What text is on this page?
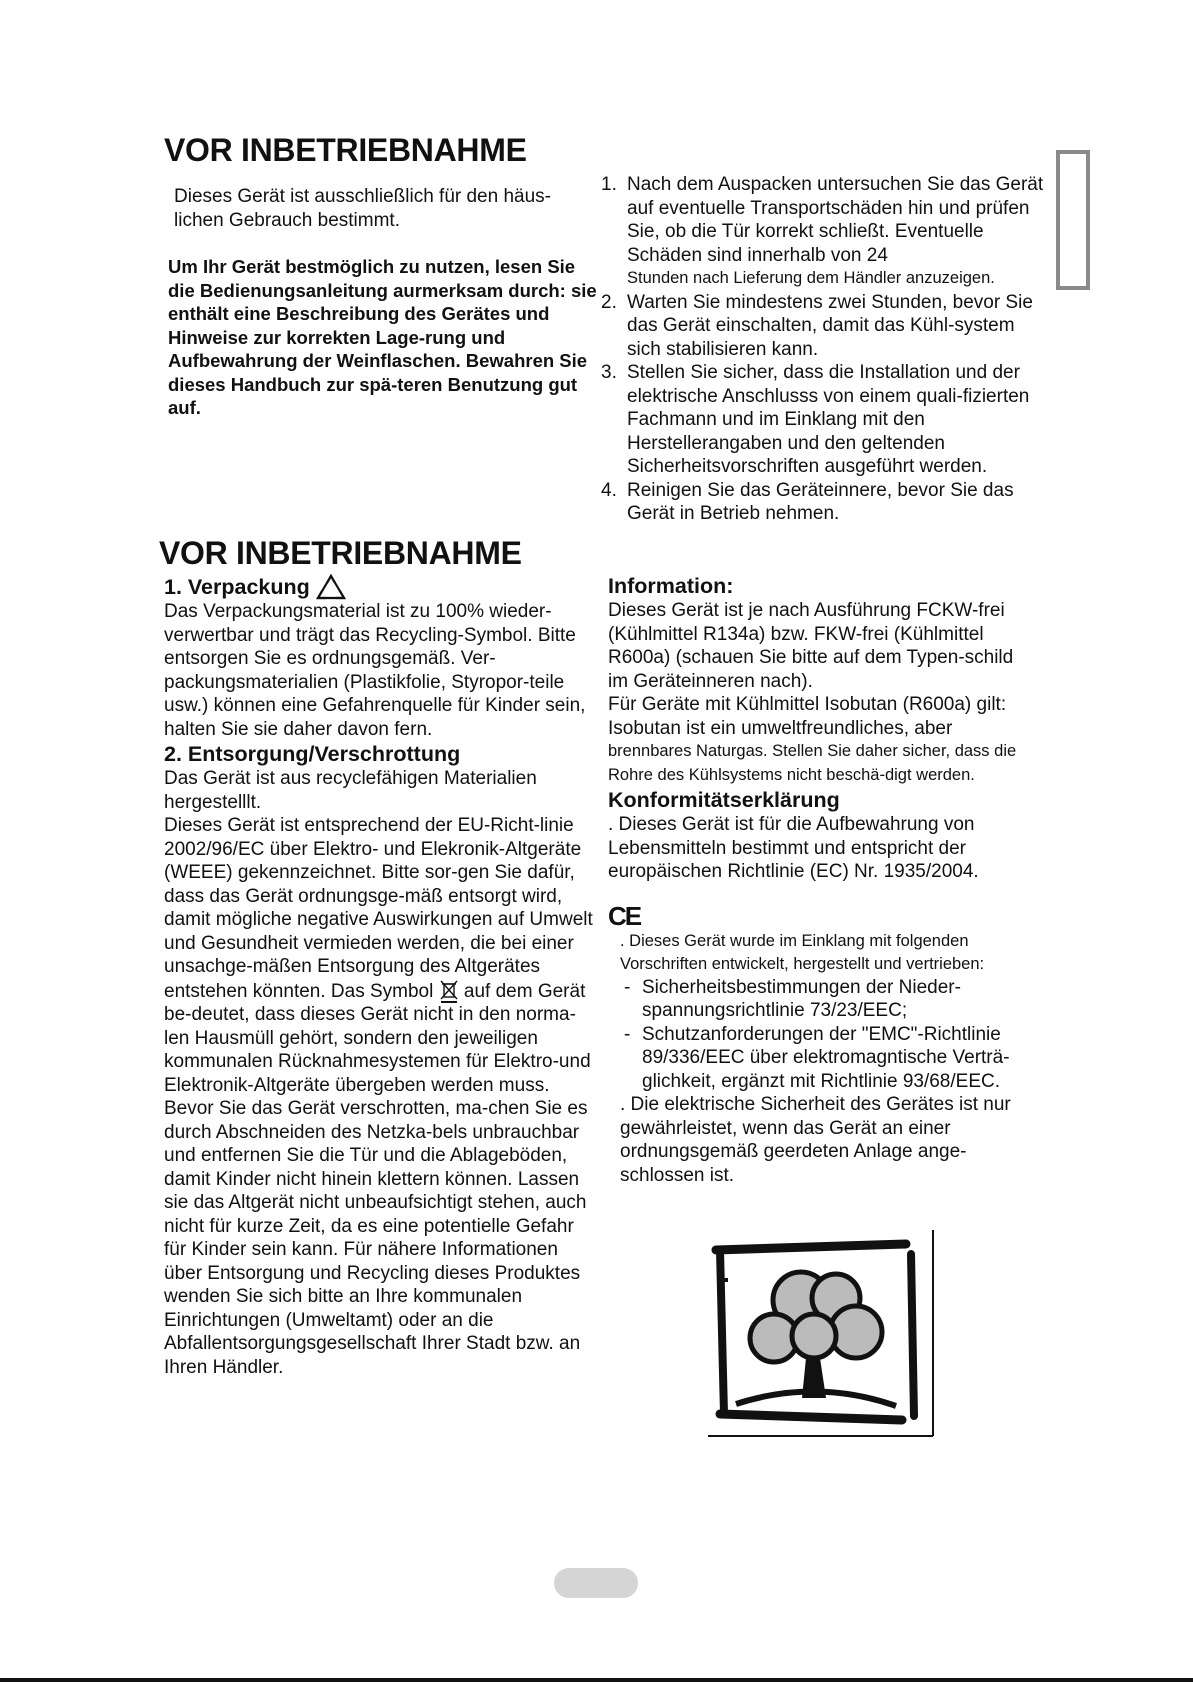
VOR INBETRIEBNAHME

Dieses Gerät ist ausschließlich für den häus-lichen Gebrauch bestimmt.

Um Ihr Gerät bestmöglich zu nutzen, lesen Sie die Bedienungsanleitung aurmerksam durch: sie enthält eine Beschreibung des Gerätes und Hinweise zur korrekten Lage-rung und Aufbewahrung der Weinflaschen. Bewahren Sie dieses Handbuch zur spä-teren Benutzung gut auf.

1. Nach dem Auspacken untersuchen Sie das Gerät auf eventuelle Transportschäden hin und prüfen Sie, ob die Tür korrekt schließt. Eventuelle Schäden sind innerhalb von 24
Stunden nach Lieferung dem Händler anzuzeigen.
2. Warten Sie mindestens zwei Stunden, bevor Sie das Gerät einschalten, damit das Kühl-system sich stabilisieren kann.
3. Stellen Sie sicher, dass die Installation und der elektrische Anschlusss von einem quali-fizierten Fachmann und im Einklang mit den Herstellerangaben und den geltenden Sicherheitsvorschriften ausgeführt werden.
4. Reinigen Sie das Geräteinnere, bevor Sie das Gerät in Betrieb nehmen.
VOR INBETRIEBNAHME
1. Verpackung

Das Verpackungsmaterial ist zu 100% wieder-verwertbar und trägt das Recycling-Symbol. Bitte entsorgen Sie es ordnungsgemäß. Ver-packungsmaterialien (Plastikfolie, Styropor-teile usw.) können eine Gefahrenquelle für Kinder sein, halten Sie sie daher davon fern.

2. Entsorgung/Verschrottung

Das Gerät ist aus recyclefähigen Materialien hergestelllt.

Dieses Gerät ist entsprechend der EU-Richt-linie 2002/96/EC über Elektro- und Elekronik-Altgeräte (WEEE) gekennzeichnet. Bitte sor-gen Sie dafür, dass das Gerät ordnungsge-mäß entsorgt wird, damit mögliche negative Auswirkungen auf Umwelt und Gesundheit vermieden werden, die bei einer unsachge-mäßen Entsorgung des Altgerätes entstehen könnten. Das Symbol auf dem Gerät be-deutet, dass dieses Gerät nicht in den norma-len Hausmüll gehört, sondern den jeweiligen kommunalen Rücknahmesystemen für Elektro-und Elektronik-Altgeräte übergeben werden muss. Bevor Sie das Gerät verschrotten, ma-chen Sie es durch Abschneiden des Netzka-bels unbrauchbar und entfernen Sie die Tür und die Ablageböden, damit Kinder nicht hinein klettern können. Lassen sie das Altgerät nicht unbeaufsichtigt stehen, auch nicht für kurze Zeit, da es eine potentielle Gefahr für Kinder sein kann. Für nähere Informationen über Entsorgung und Recycling dieses Produktes wenden Sie sich bitte an Ihre kommunalen Einrichtungen (Umweltamt) oder an die Abfallentsorgungsgesellschaft Ihrer Stadt bzw. an Ihren Händler.

Information:

Dieses Gerät ist je nach Ausführung FCKW-frei (Kühlmittel R134a) bzw. FKW-frei (Kühlmittel R600a) (schauen Sie bitte auf dem Typen-schild im Geräteinneren nach).

Für Geräte mit Kühlmittel Isobutan (R600a) gilt: Isobutan ist ein umweltfreundliches, aber

brennbares Naturgas. Stellen Sie daher sicher, dass die Rohre des Kühlsystems nicht beschä-digt werden.

Konformitätserklärung

. Dieses Gerät ist für die Aufbewahrung von Lebensmitteln bestimmt und entspricht der europäischen Richtlinie (EC) Nr. 1935/2004.

CE

. Dieses Gerät wurde im Einklang mit folgenden Vorschriften entwickelt, hergestellt und vertrieben:

- Sicherheitsbestimmungen der Nieder-spannungsrichtlinie 73/23/EEC;
- Schutzanforderungen der "EMC"-Richtlinie 89/336/EEC über elektromagntische Verträ-glichkeit, ergänzt mit Richtlinie 93/68/EEC.

. Die elektrische Sicherheit des Gerätes ist nur gewährleistet, wenn das Gerät an einer ordnungsgemäß geerdeten Anlage ange-schlossen ist.
